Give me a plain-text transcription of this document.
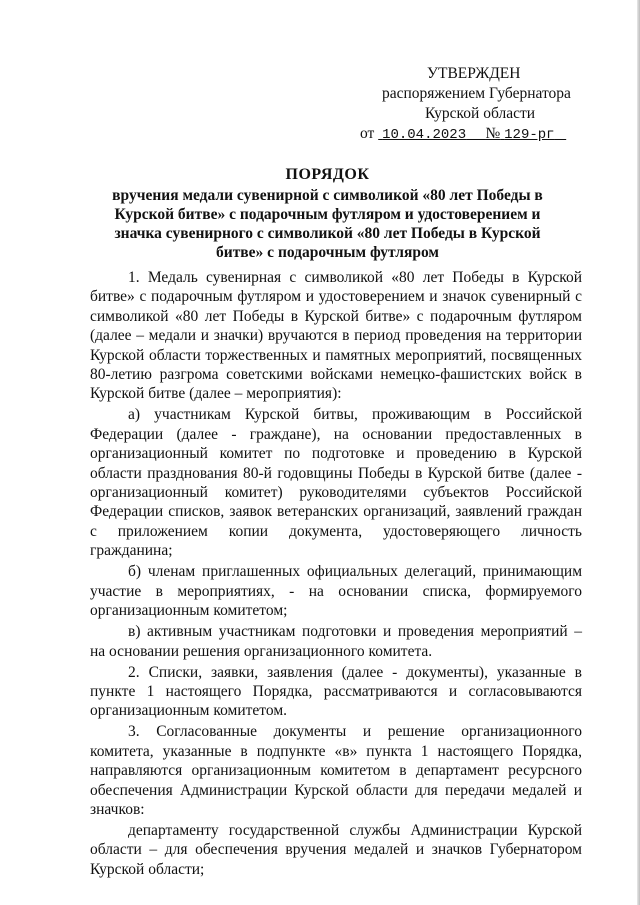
УТВЕРЖДЕН
распоряжением Губернатора
Курской области
от 10.04.2023 № 129-рг
ПОРЯДОК
вручения медали сувенирной с символикой «80 лет Победы в Курской битве» с подарочным футляром и удостоверением и значка сувенирного с символикой «80 лет Победы в Курской битве» с подарочным футляром

1. Медаль сувенирная с символикой «80 лет Победы в Курской битве» с подарочным футляром и удостоверением и значок сувенирный с символикой «80 лет Победы в Курской битве» с подарочным футляром (далее – медали и значки) вручаются в период проведения на территории Курской области торжественных и памятных мероприятий, посвященных 80-летию разгрома советскими войсками немецко-фашистских войск в Курской битве (далее – мероприятия):

а) участникам Курской битвы, проживающим в Российской Федерации (далее - граждане), на основании предоставленных в организационный комитет по подготовке и проведению в Курской области празднования 80-й годовщины Победы в Курской битве (далее - организационный комитет) руководителями субъектов Российской Федерации списков, заявок ветеранских организаций, заявлений граждан с приложением копии документа, удостоверяющего личность гражданина;

б) членам приглашенных официальных делегаций, принимающим участие в мероприятиях, - на основании списка, формируемого организационным комитетом;

в) активным участникам подготовки и проведения мероприятий – на основании решения организационного комитета.

2. Списки, заявки, заявления (далее - документы), указанные в пункте 1 настоящего Порядка, рассматриваются и согласовываются организационным комитетом.

3. Согласованные документы и решение организационного комитета, указанные в подпункте «в» пункта 1 настоящего Порядка, направляются организационным комитетом в департамент ресурсного обеспечения Администрации Курской области для передачи медалей и значков:

департаменту государственной службы Администрации Курской области – для обеспечения вручения медалей и значков Губернатором Курской области;
